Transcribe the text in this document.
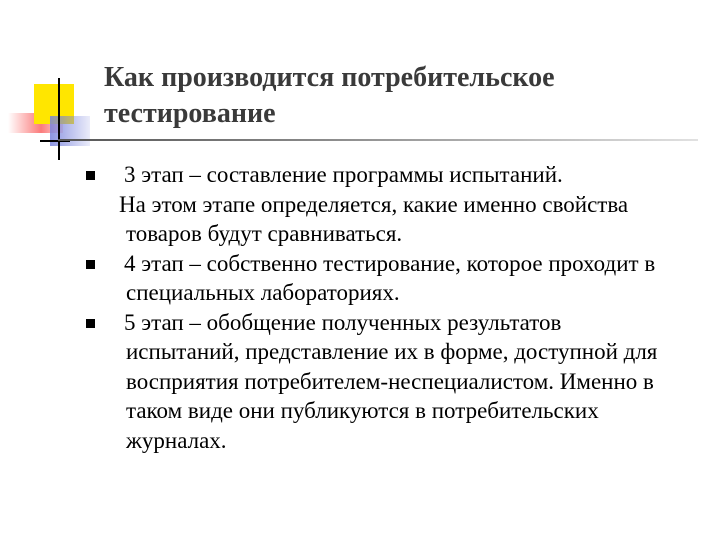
Как производится потребительское тестирование

3 этап – составление программы испытаний.

На этом этапе определяется, какие именно свойства товаров будут сравниваться.

4 этап – собственно тестирование, которое проходит в специальных лабораториях.

5 этап – обобщение полученных результатов испытаний, представление их в форме, доступной для восприятия потребителем-неспециалистом. Именно в таком виде они публикуются в потребительских журналах.
